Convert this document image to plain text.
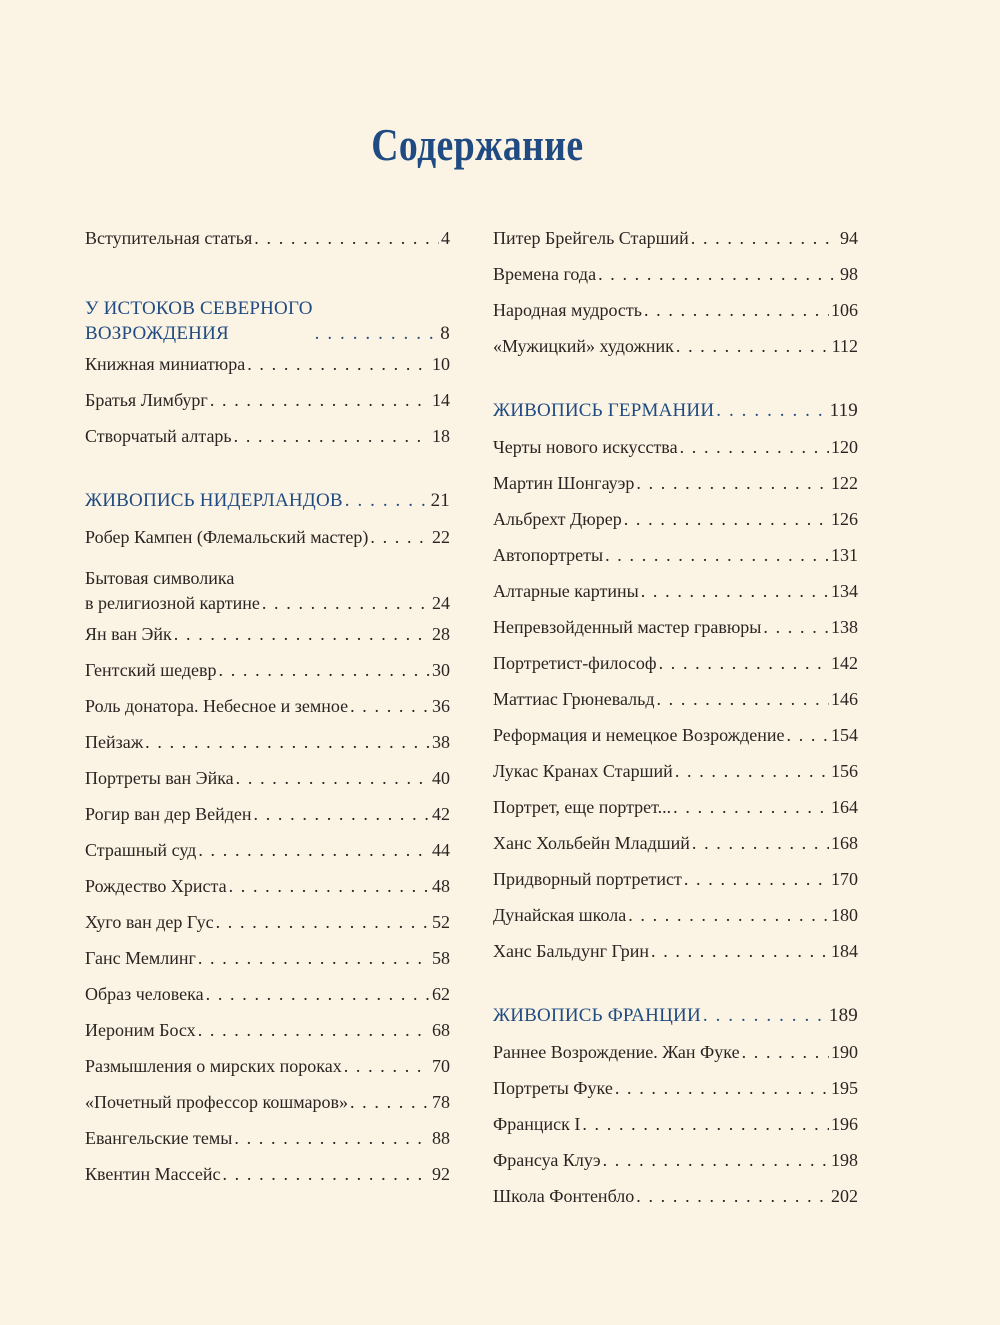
Содержание
Вступительная статья . . .	4
У ИСТОКОВ СЕВЕРНОГО
ВОЗРОЖДЕНИЯ . . .	8
Книжная миниатюра . . .	10
Братья Лимбург . . .	14
Створчатый алтарь . . .	18
ЖИВОПИСЬ НИДЕРЛАНДОВ . . .	21
Робер Кампен (Флемальский мастер) . . .	22
Бытовая символика
в религиозной картине . . .	24
Ян ван Эйк . . .	28
Гентский шедевр . . .	30
Роль донатора. Небесное и земное . . .	36
Пейзаж . . .	38
Портреты ван Эйка . . .	40
Рогир ван дер Вейден . . .	42
Страшный суд . . .	44
Рождество Христа . . .	48
Хуго ван дер Гус . . .	52
Ганс Мемлинг . . .	58
Образ человека . . .	62
Иероним Босх . . .	68
Размышления о мирских пороках . . .	70
«Почетный профессор кошмаров» . . .	78
Евангельские темы . . .	88
Квентин Массейс . . .	92
Питер Брейгель Старший . . .	94
Времена года . . .	98
Народная мудрость . . .	106
«Мужицкий» художник . . .	112
ЖИВОПИСЬ ГЕРМАНИИ . . .	119
Черты нового искусства . . .	120
Мартин Шонгауэр . . .	122
Альбрехт Дюрер . . .	126
Автопортреты . . .	131
Алтарные картины . . .	134
Непревзойденный мастер гравюры . . .	138
Портретист-философ . . .	142
Маттиас Грюневальд . . .	146
Реформация и немецкое Возрождение . . .	154
Лукас Кранах Старший . . .	156
Портрет, еще портрет... . . .	164
Ханс Хольбейн Младший . . .	168
Придворный портретист . . .	170
Дунайская школа . . .	180
Ханс Бальдунг Грин . . .	184
ЖИВОПИСЬ ФРАНЦИИ . . .	189
Раннее Возрождение. Жан Фуке . . .	190
Портреты Фуке . . .	195
Франциск I . . .	196
Франсуа Клуэ . . .	198
Школа Фонтенбло . . .	202
